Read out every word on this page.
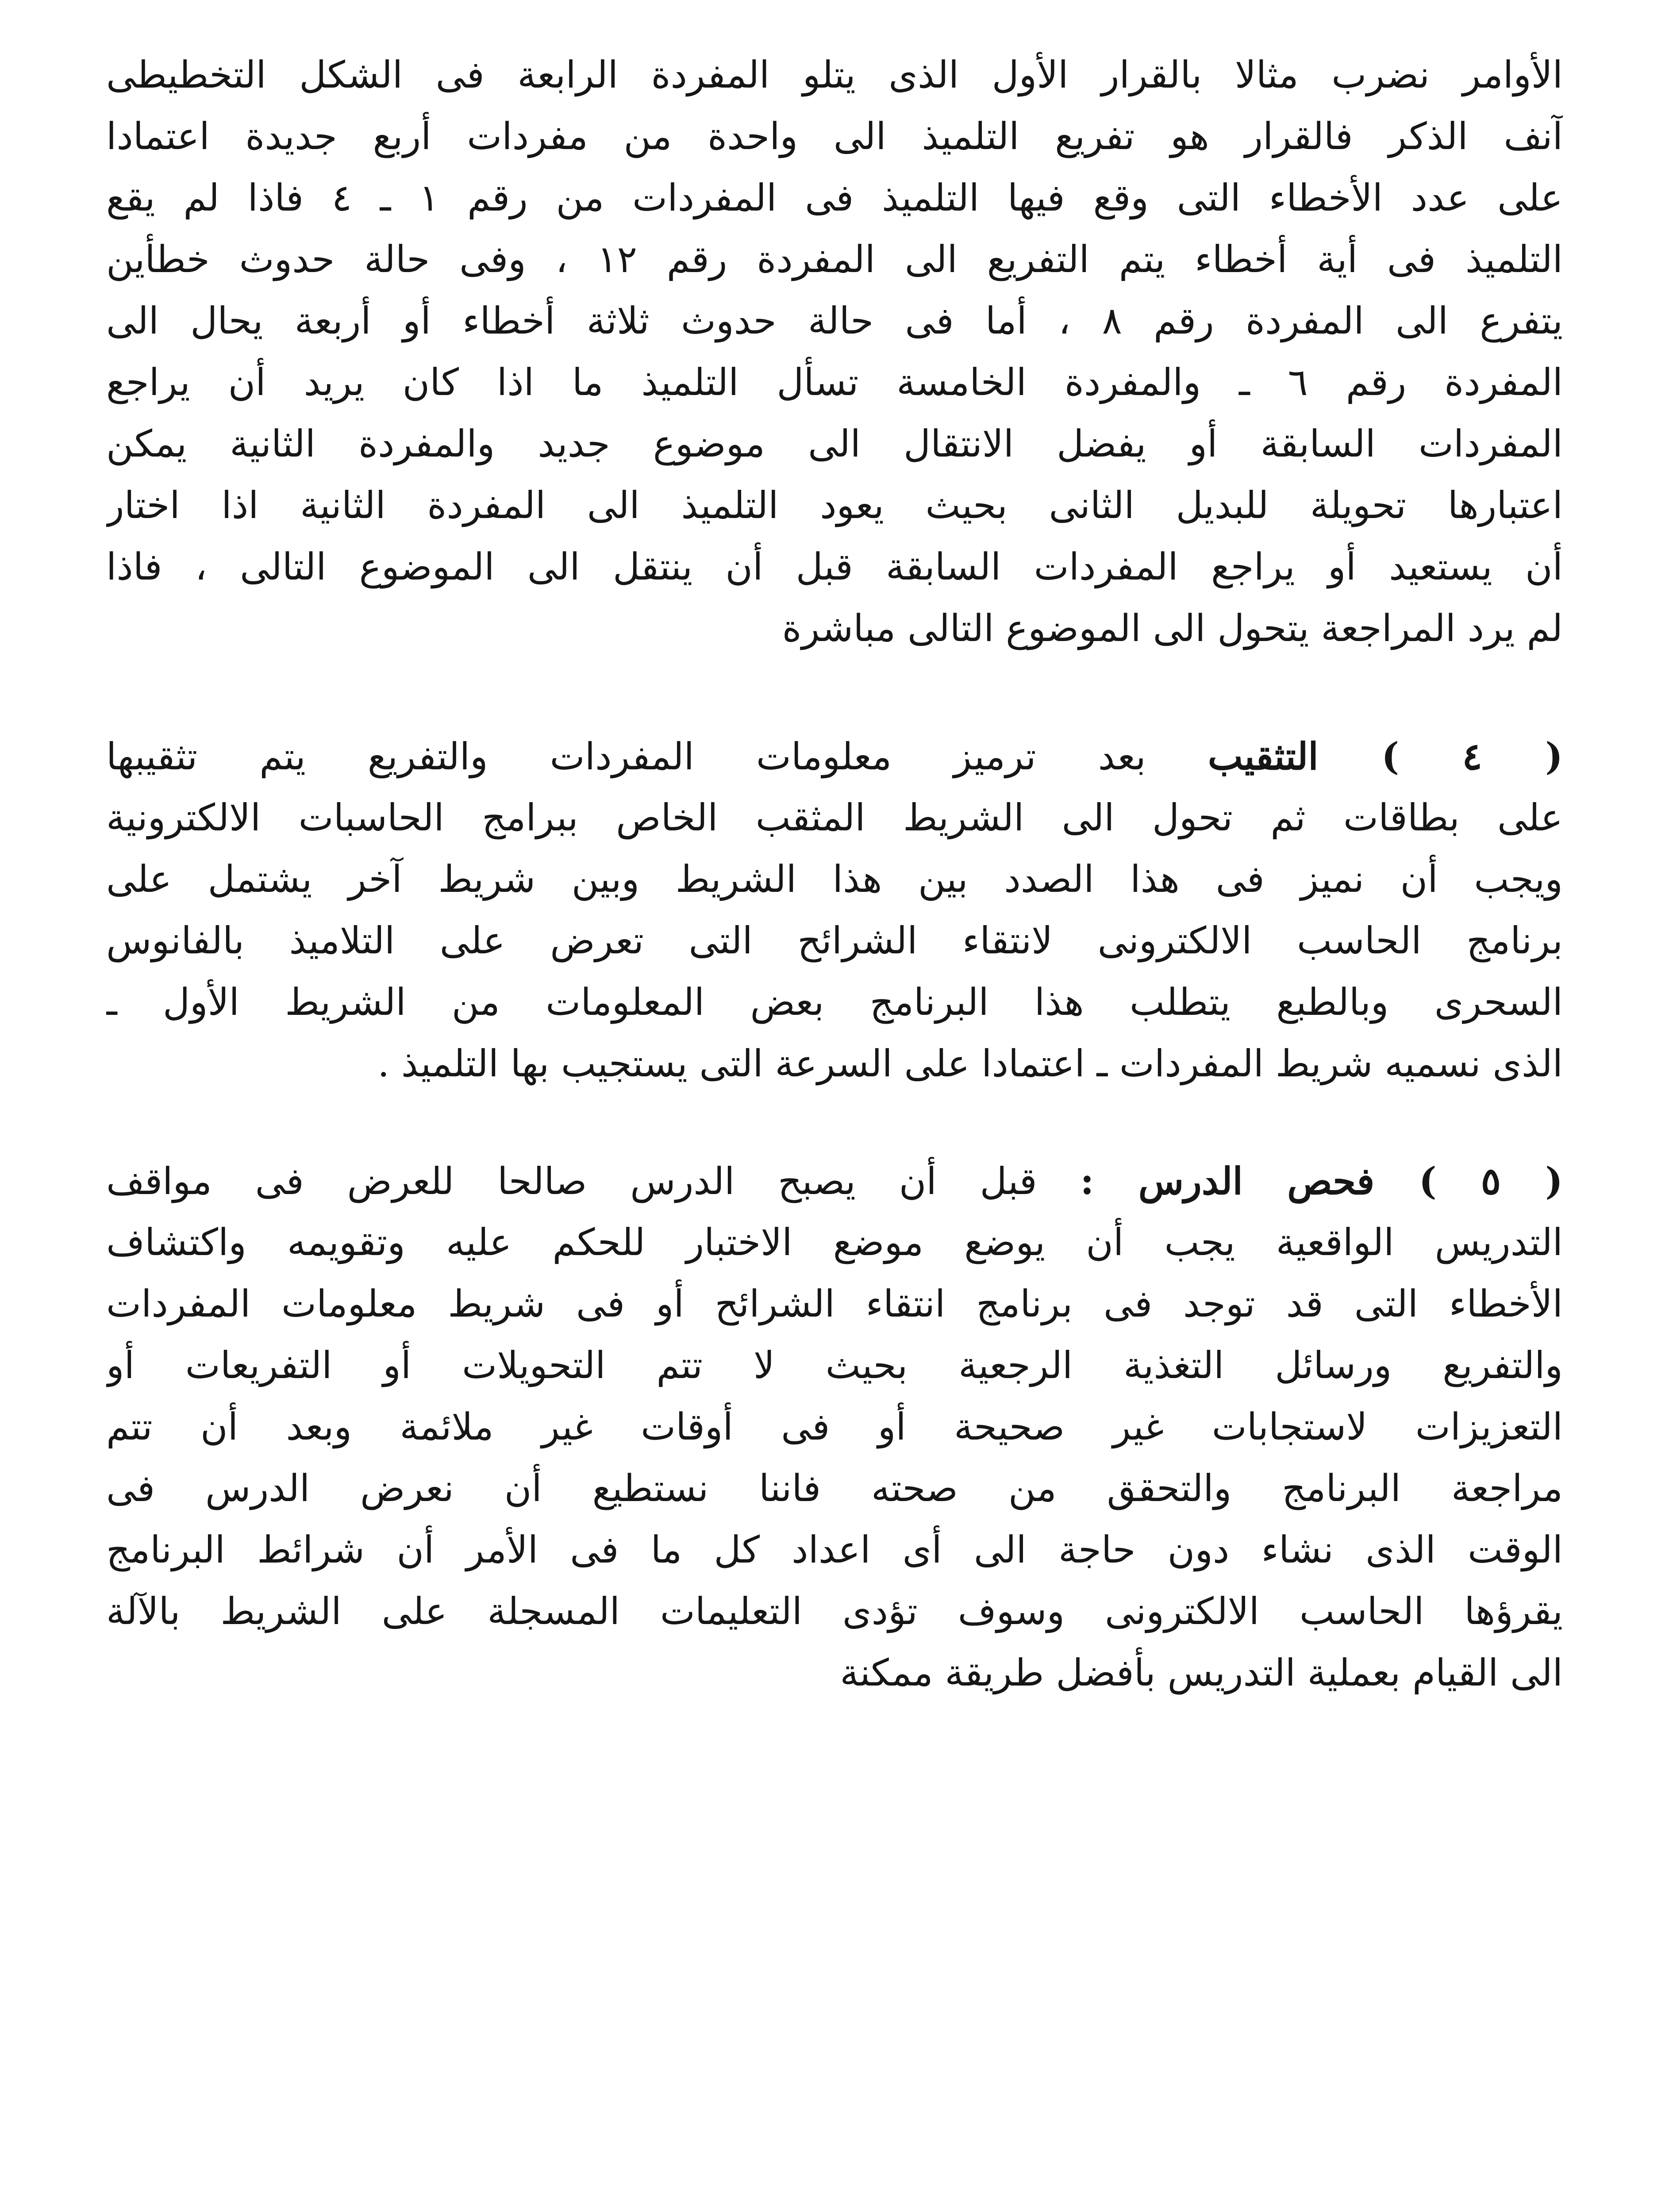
الأوامر نضرب مثالا بالقرار الأول الذى يتلو المفردة الرابعة فى الشكل التخطيطى
آنف الذكر فالقرار هو تفريع التلميذ الى واحدة من مفردات أربع جديدة اعتمادا
على عدد الأخطاء التى وقع فيها التلميذ فى المفردات من رقم ١ ـ ٤ فاذا لم يقع
التلميذ فى أية أخطاء يتم التفريع الى المفردة رقم ١٢ ، وفى حالة حدوث خطأين
يتفرع الى المفردة رقم ٨ ، أما فى حالة حدوث ثلاثة أخطاء أو أربعة يحال الى
المفردة رقم ٦ ـ والمفردة الخامسة تسأل التلميذ ما اذا كان يريد أن يراجع
المفردات السابقة أو يفضل الانتقال الى موضوع جديد والمفردة الثانية يمكن
اعتبارها تحويلة للبديل الثانى بحيث يعود التلميذ الى المفردة الثانية اذا اختار
أن يستعيد أو يراجع المفردات السابقة قبل أن ينتقل الى الموضوع التالى ، فاذا
لم يرد المراجعة يتحول الى الموضوع التالى مباشرة
( ٤ ) التثقيب بعد ترميز معلومات المفردات والتفريع يتم تثقيبها
على بطاقات ثم تحول الى الشريط المثقب الخاص ببرامج الحاسبات الالكترونية
ويجب أن نميز فى هذا الصدد بين هذا الشريط وبين شريط آخر يشتمل على
برنامج الحاسب الالكترونى لانتقاء الشرائح التى تعرض على التلاميذ بالفانوس
السحرى وبالطبع يتطلب هذا البرنامج بعض المعلومات من الشريط الأول ـ
الذى نسميه شريط المفردات ـ اعتمادا على السرعة التى يستجيب بها التلميذ .
( ٥ ) فحص الدرس : قبل أن يصبح الدرس صالحا للعرض فى مواقف
التدريس الواقعية يجب أن يوضع موضع الاختبار للحكم عليه وتقويمه واكتشاف
الأخطاء التى قد توجد فى برنامج انتقاء الشرائح أو فى شريط معلومات المفردات
والتفريع ورسائل التغذية الرجعية بحيث لا تتم التحويلات أو التفريعات أو
التعزيزات لاستجابات غير صحيحة أو فى أوقات غير ملائمة وبعد أن تتم
مراجعة البرنامج والتحقق من صحته فاننا نستطيع أن نعرض الدرس فى
الوقت الذى نشاء دون حاجة الى أى اعداد كل ما فى الأمر أن شرائط البرنامج
يقرؤها الحاسب الالكترونى وسوف تؤدى التعليمات المسجلة على الشريط بالآلة
الى القيام بعملية التدريس بأفضل طريقة ممكنة
